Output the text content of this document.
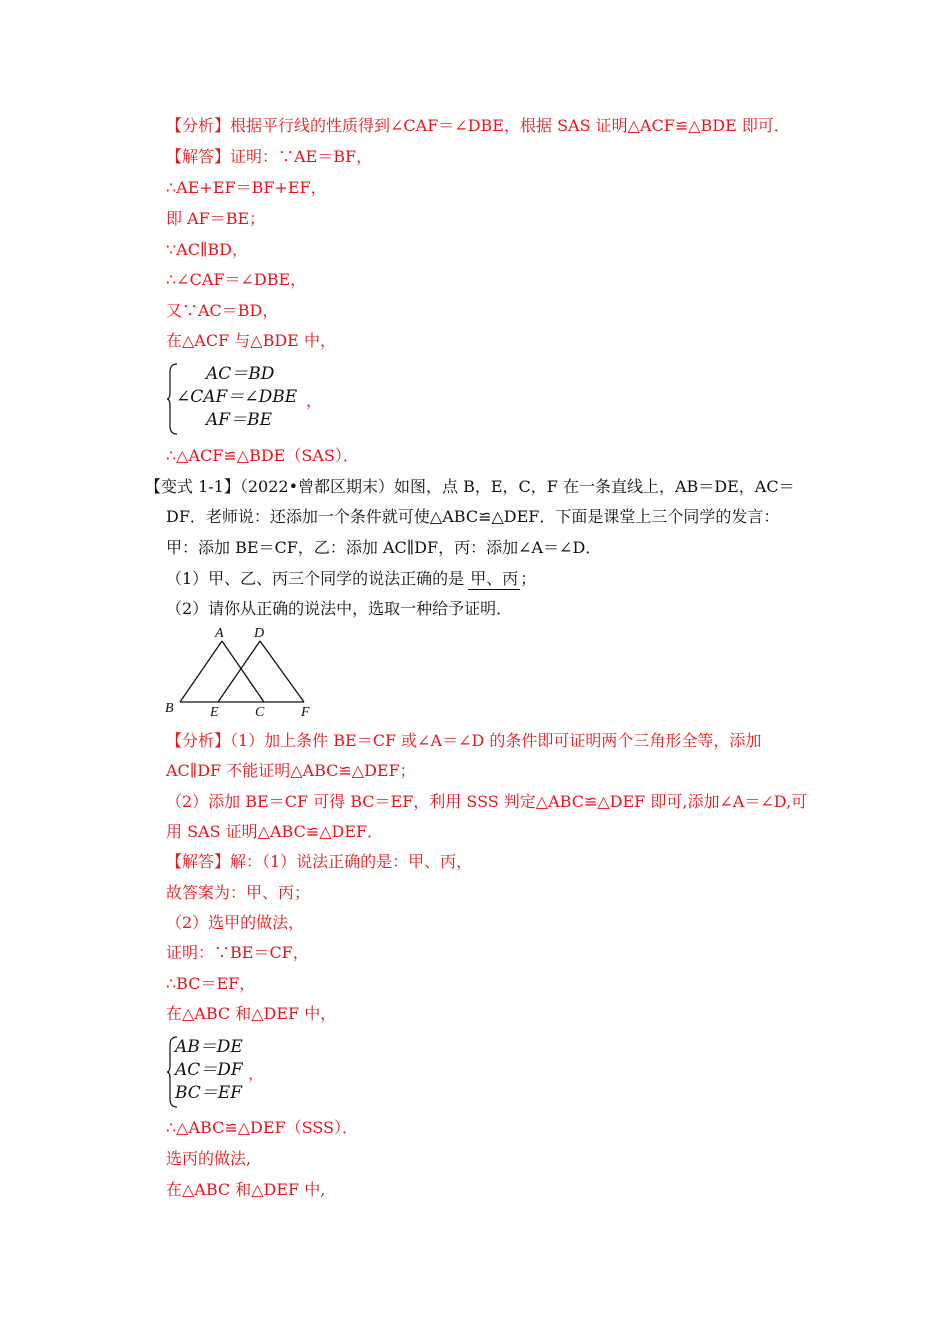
【分析】根据平行线的性质得到∠CAF＝∠DBE，根据 SAS 证明△ACF≌△BDE 即可．
【解答】证明：∵AE＝BF，
∴AE+EF＝BF+EF，
即 AF＝BE；
∵AC∥BD，
∴∠CAF＝∠DBE，
又∵AC＝BD，
在△ACF 与△BDE 中，
AC＝BD
∠CAF＝∠DBE
AF＝BE
，
∴△ACF≌△BDE（SAS）．
【变式 1-1】（2022•曾都区期末）如图，点 B，E，C，F 在一条直线上，AB＝DE，AC＝
DF．老师说：还添加一个条件就可使△ABC≌△DEF．下面是课堂上三个同学的发言：
甲：添加 BE＝CF，乙：添加 AC∥DF，丙：添加∠A＝∠D．
（1）甲、乙、丙三个同学的说法正确的是 甲、丙 ；
（2）请你从正确的说法中，选取一种给予证明．
A D
B	E	C	F
【分析】（1）加上条件 BE＝CF 或∠A＝∠D 的条件即可证明两个三角形全等，添加
AC∥DF 不能证明△ABC≌△DEF；
（2）添加 BE＝CF 可得 BC＝EF，利用 SSS 判定△ABC≌△DEF 即可,添加∠A＝∠D,可
用 SAS 证明△ABC≌△DEF．
【解答】解：（1）说法正确的是：甲、丙，
故答案为：甲、丙；
（2）选甲的做法，
证明：∵BE＝CF，
∴BC＝EF，
在△ABC 和△DEF 中，
AB＝DE
AC＝DF
BC＝EF
，
∴△ABC≌△DEF（SSS）．
选丙的做法,
在△ABC 和△DEF 中,
